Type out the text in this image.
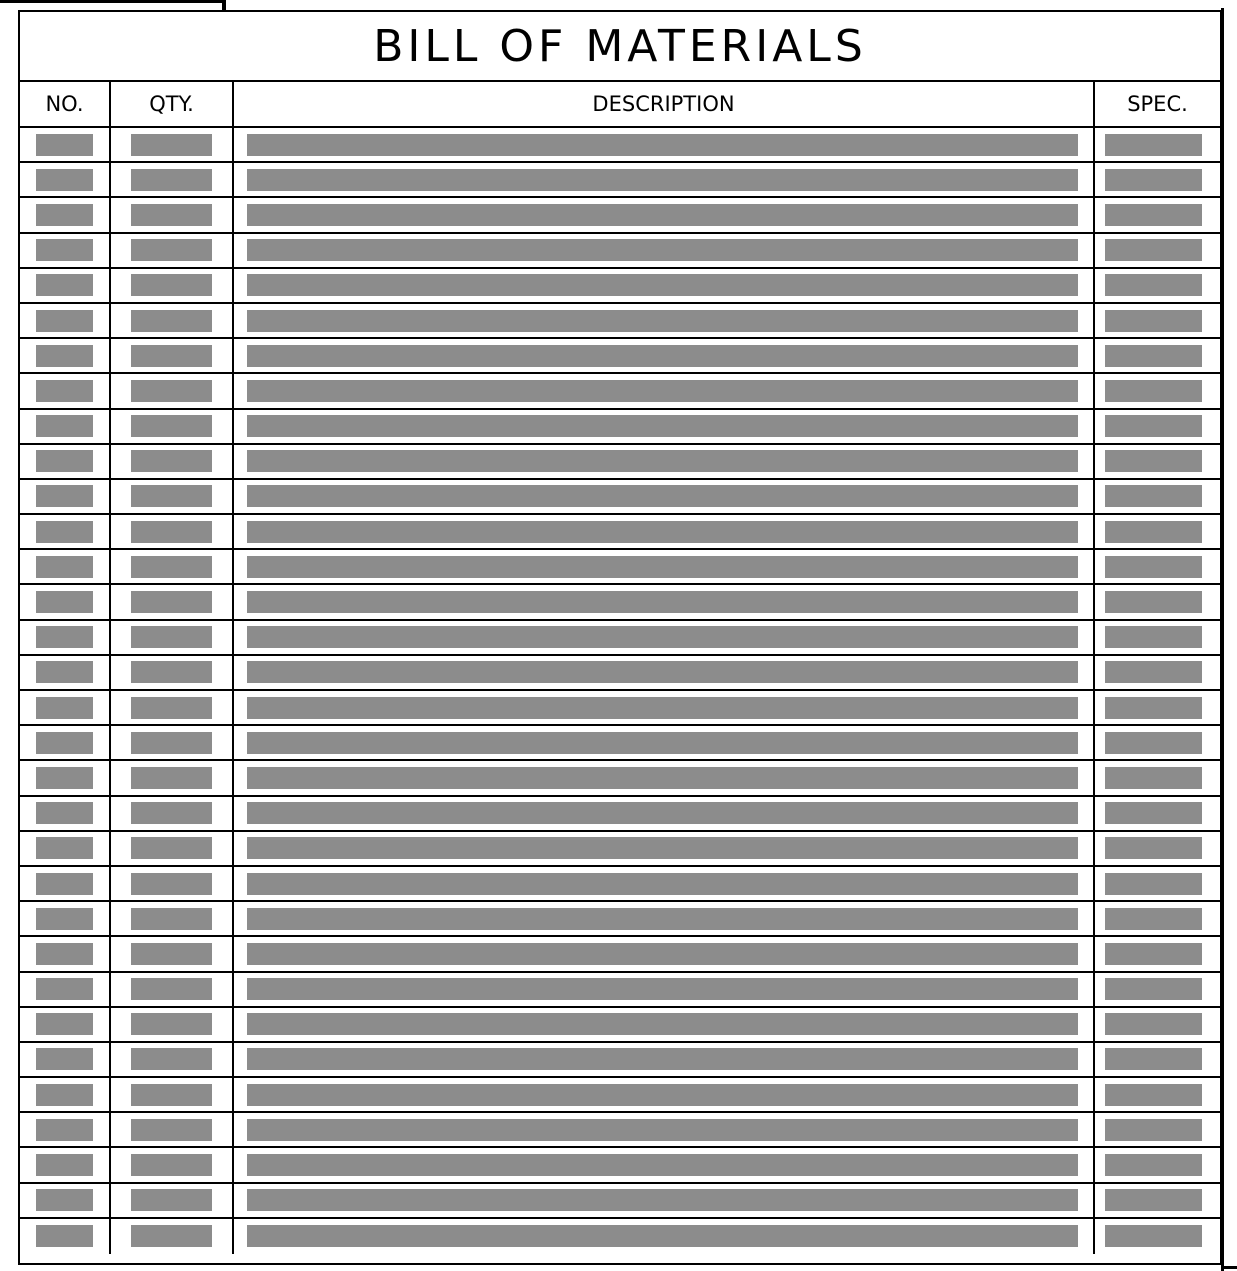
BILL OF MATERIALS
NO.	QTY.	DESCRIPTION	SPEC.
